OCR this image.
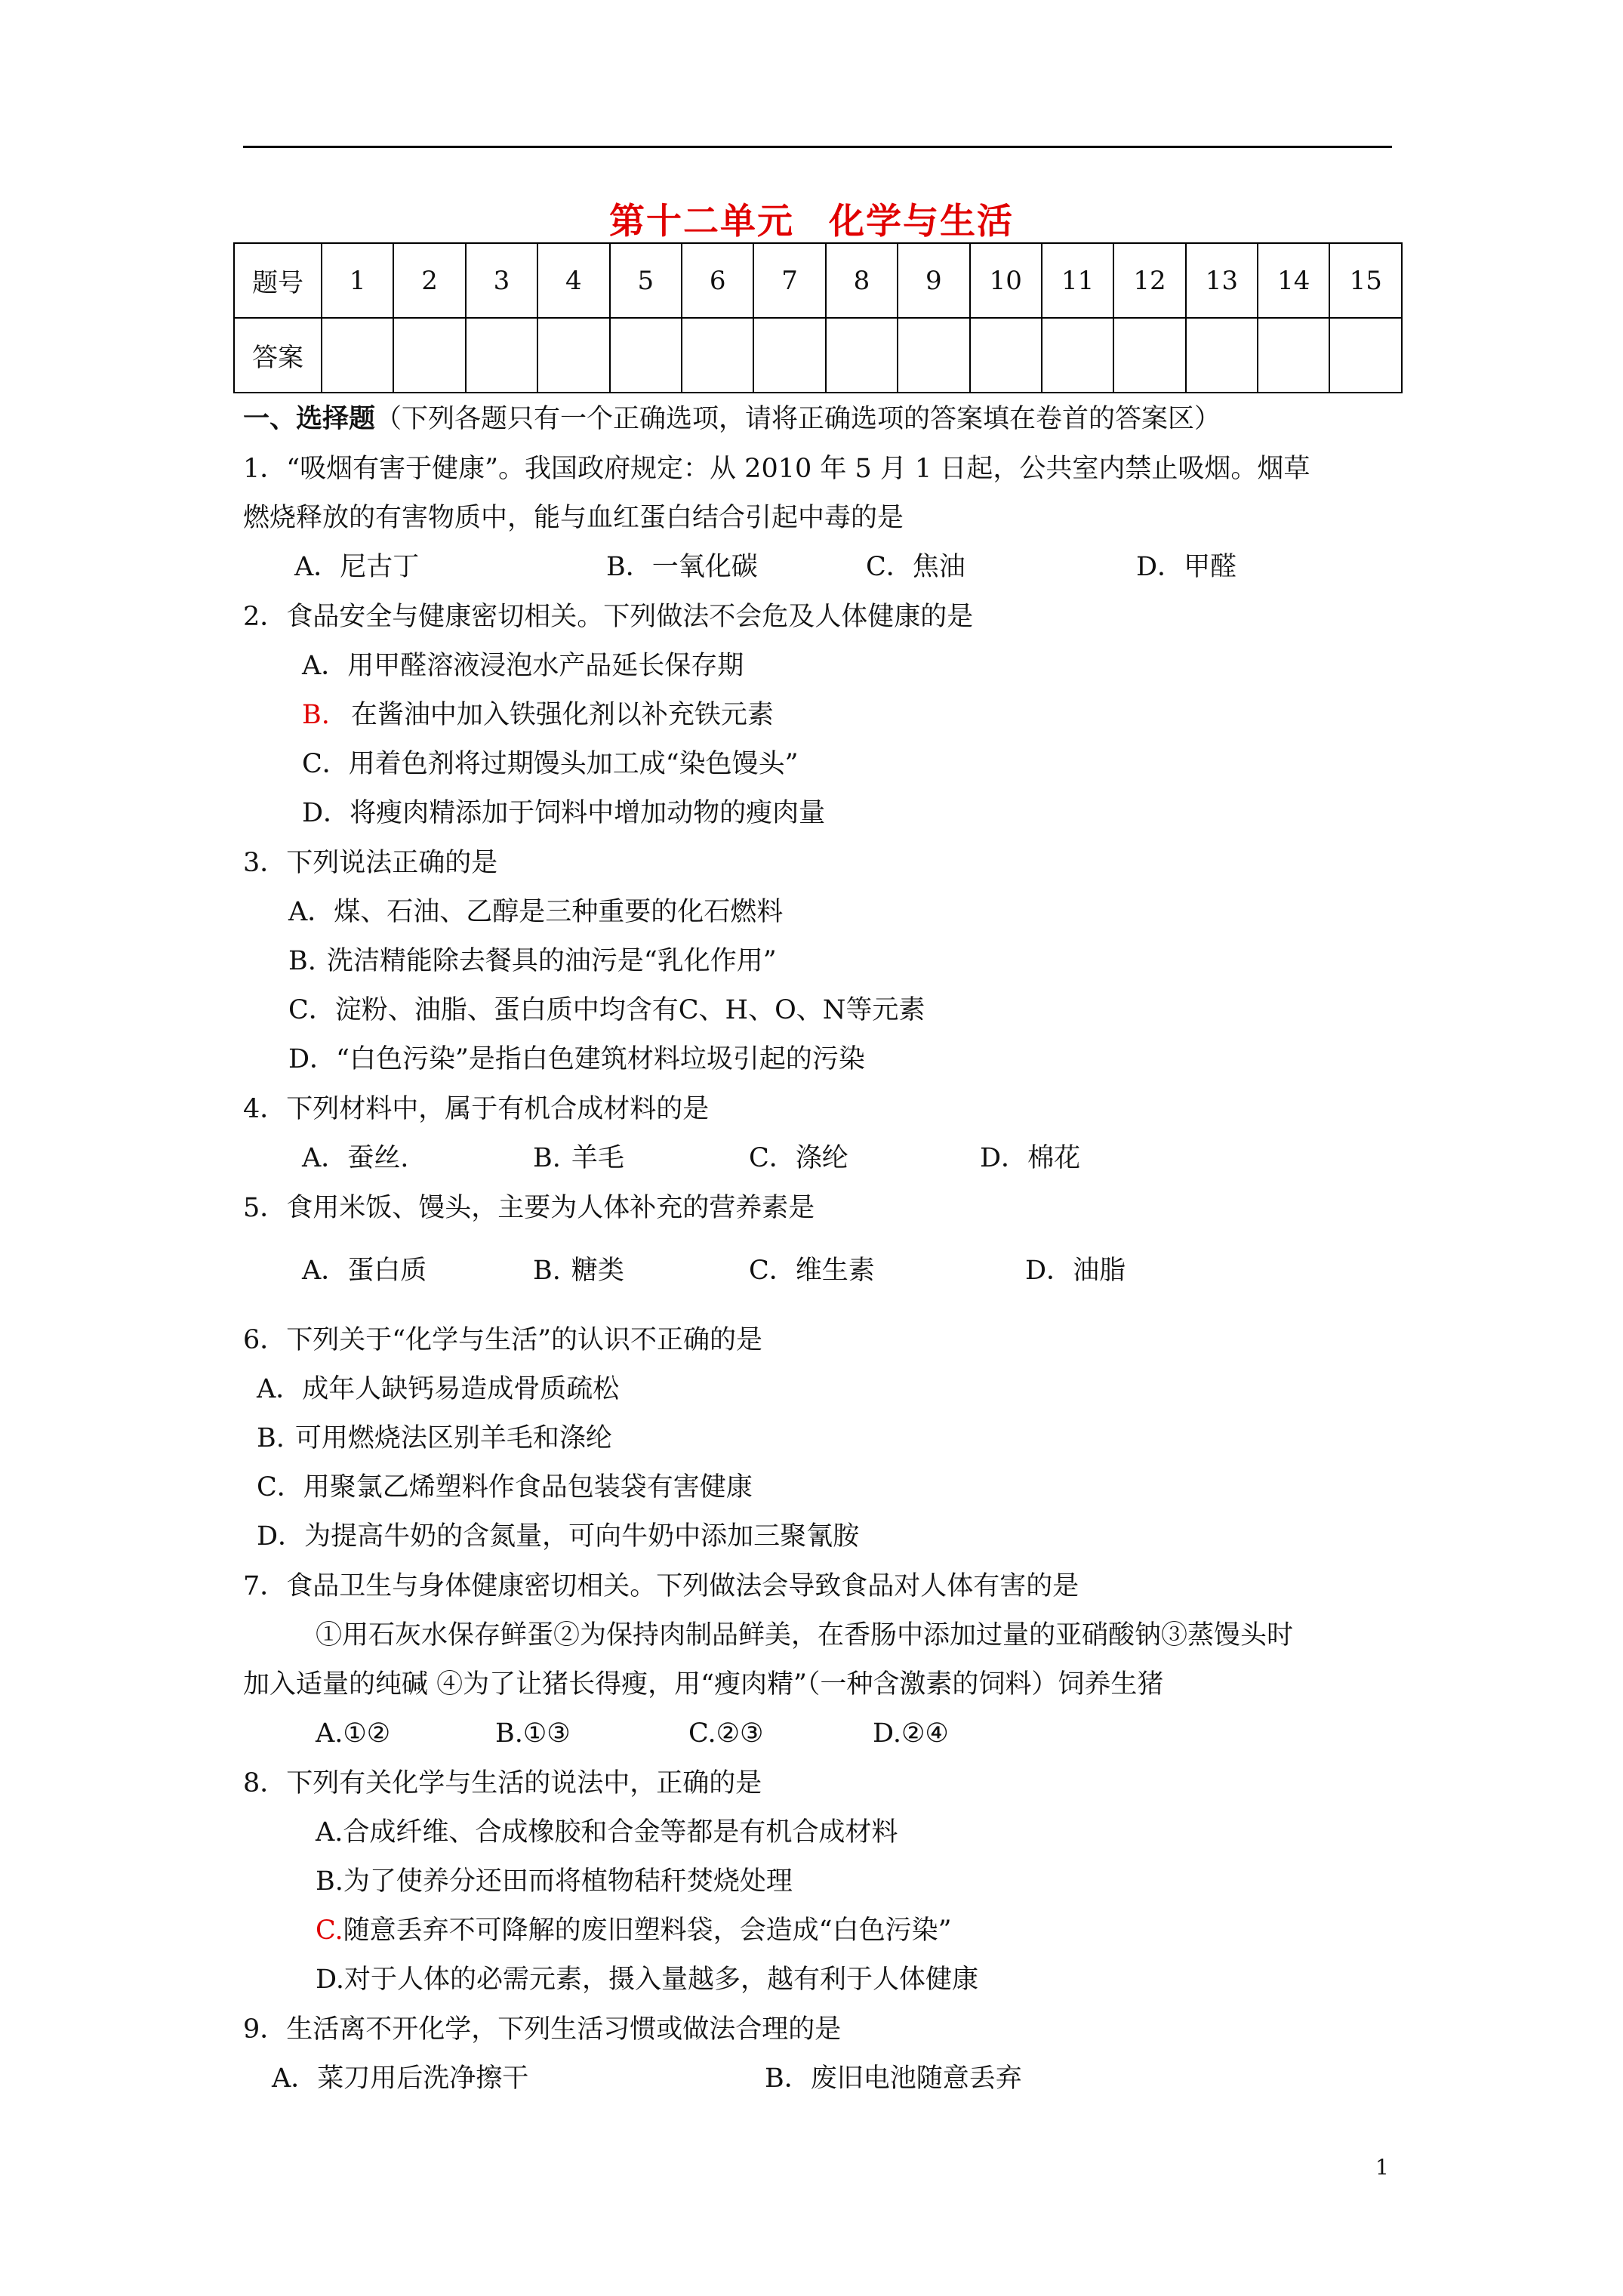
第十二单元 化学与生活
题号	1	2	3	4	5	6	7	8	9	10	11	12	13	14	15
答案															
一、选择题（下列各题只有一个正确选项，请将正确选项的答案填在卷首的答案区）
1．“吸烟有害于健康”。我国政府规定：从 2010 年 5 月 1 日起，公共室内禁止吸烟。烟草
燃烧释放的有害物质中，能与血红蛋白结合引起中毒的是
A．尼古丁	B．一氧化碳	C．焦油	D．甲醛
2．食品安全与健康密切相关。下列做法不会危及人体健康的是
A．用甲醛溶液浸泡水产品延长保存期
B. 在酱油中加入铁强化剂以补充铁元素
C．用着色剂将过期馒头加工成“染色馒头”
D．将瘦肉精添加于饲料中增加动物的瘦肉量
3．下列说法正确的是
A．煤、石油、乙醇是三种重要的化石燃料
B. 洗洁精能除去餐具的油污是“乳化作用”
C．淀粉、油脂、蛋白质中均含有C、H、O、N等元素
D．“白色污染”是指白色建筑材料垃圾引起的污染
4．下列材料中，属于有机合成材料的是
A．蚕丝.	B. 羊毛	C．涤纶	D．棉花
5．食用米饭、馒头，主要为人体补充的营养素是
A．蛋白质	B. 糖类	C．维生素	D．油脂
6．下列关于“化学与生活”的认识不正确的是
A．成年人缺钙易造成骨质疏松
B. 可用燃烧法区别羊毛和涤纶
C．用聚氯乙烯塑料作食品包装袋有害健康
D．为提高牛奶的含氮量，可向牛奶中添加三聚氰胺
7．食品卫生与身体健康密切相关。下列做法会导致食品对人体有害的是
①用石灰水保存鲜蛋②为保持肉制品鲜美，在香肠中添加过量的亚硝酸钠③蒸馒头时
加入适量的纯碱 ④为了让猪长得瘦，用“瘦肉精”（一种含激素的饲料）饲养生猪
A.①②	B.①③	C.②③	D.②④
8．下列有关化学与生活的说法中，正确的是
A.合成纤维、合成橡胶和合金等都是有机合成材料
B.为了使养分还田而将植物秸秆焚烧处理
C.随意丢弃不可降解的废旧塑料袋，会造成“白色污染”
D.对于人体的必需元素，摄入量越多，越有利于人体健康
9．生活离不开化学，下列生活习惯或做法合理的是
A．菜刀用后洗净擦干	B．废旧电池随意丢弃
1
